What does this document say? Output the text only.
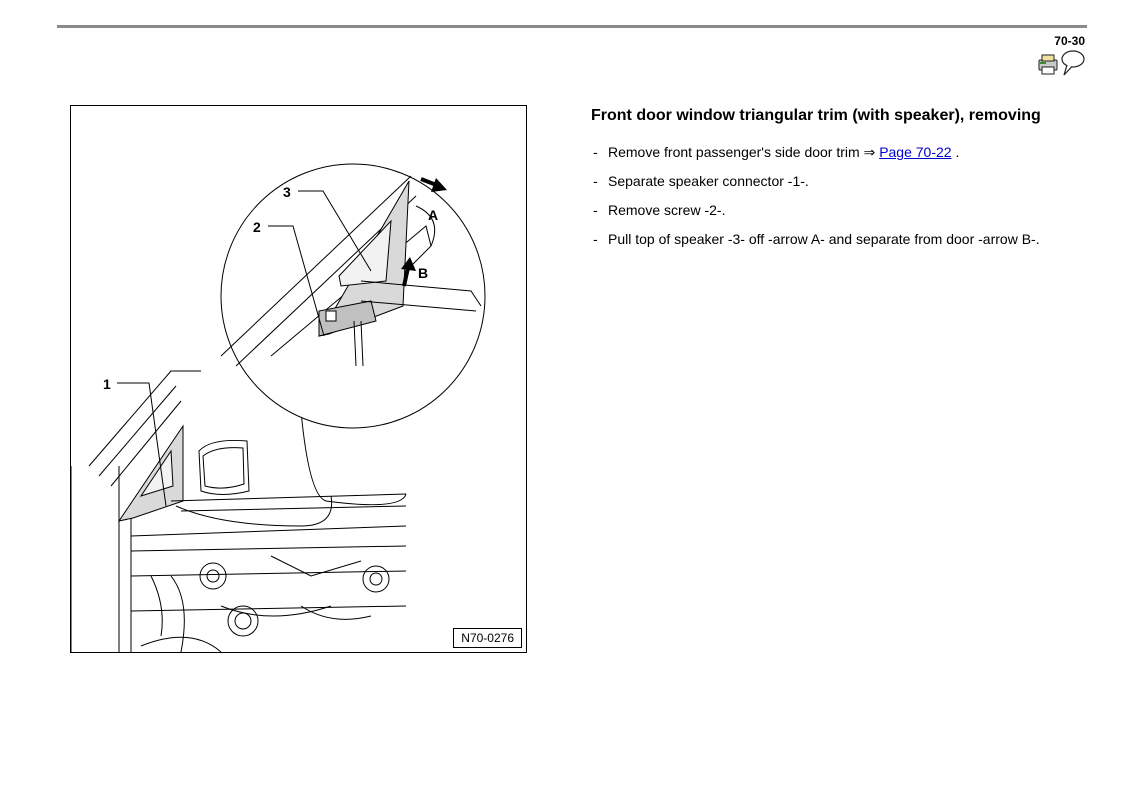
70-30
1
2
3
A
B
N70-0276
Front door window triangular trim (with speaker), removing
- Remove front passenger's side door trim ⇒ Page 70-22 .
- Separate speaker connector -1-.
- Remove screw -2-.
- Pull top of speaker -3- off -arrow A- and separate from door -arrow B-.
